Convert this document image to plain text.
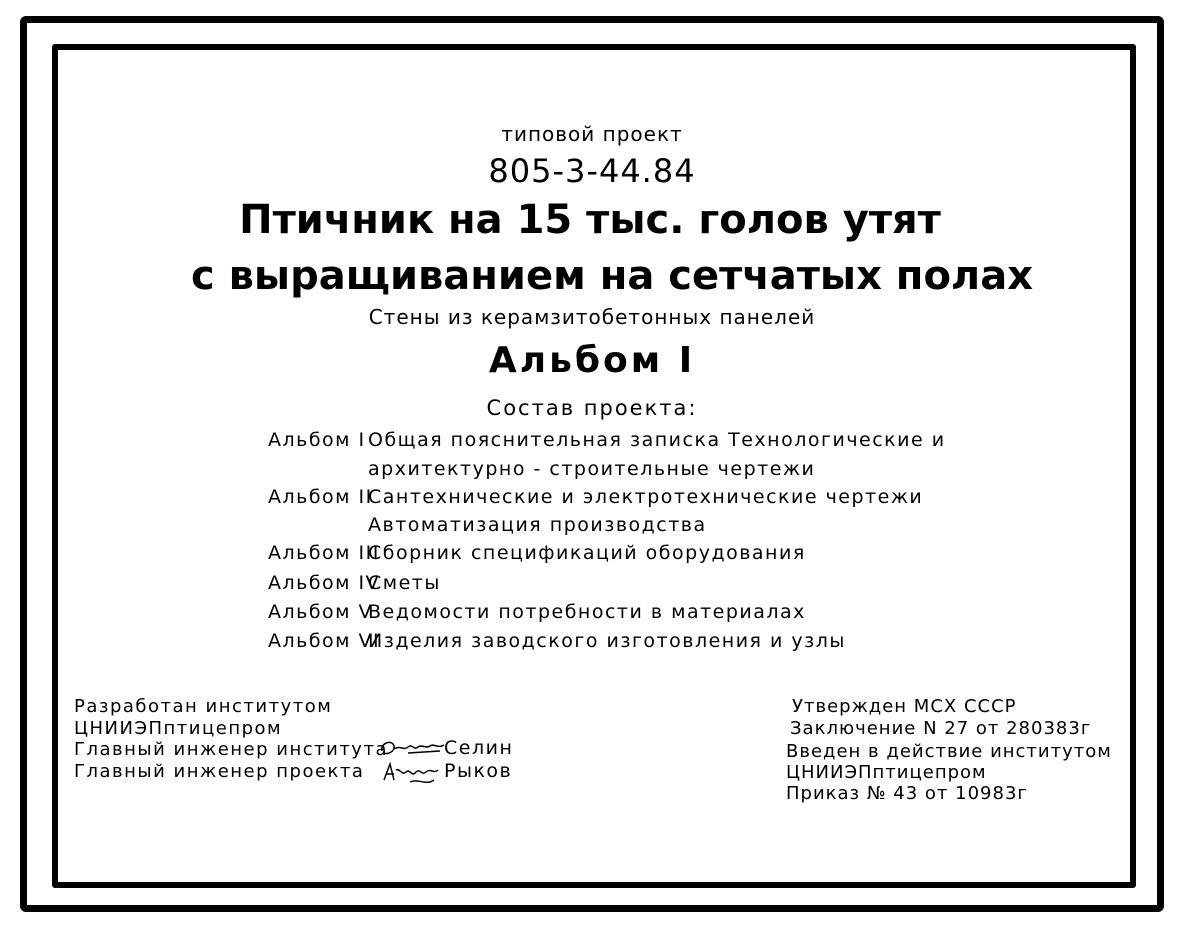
типовой проект
805-3-44.84
Птичник на 15 тыс. голов утят
с выращиванием на сетчатых полах
Стены из керамзитобетонных панелей
Альбом I
Состав проекта:
Альбом I Общая пояснительная записка Технологические и
архитектурно - строительные чертежи
Альбом IIСантехнические и электротехнические чертежи
Автоматизация производства
Альбом IIIСборник спецификаций оборудования
Альбом IVСметы
Альбом VВедомости потребности в материалах
Альбом VIИзделия заводского изготовления и узлы
Разработан институтом
ЦНИИЭПптицепром
Главный инженер института
Главный инженер проекта
Селин
Рыков
Утвержден МСХ СССР
Заключение N 27 от 280383г
Введен в действие институтом
ЦНИИЭПптицепром
Приказ № 43 от 10983г
